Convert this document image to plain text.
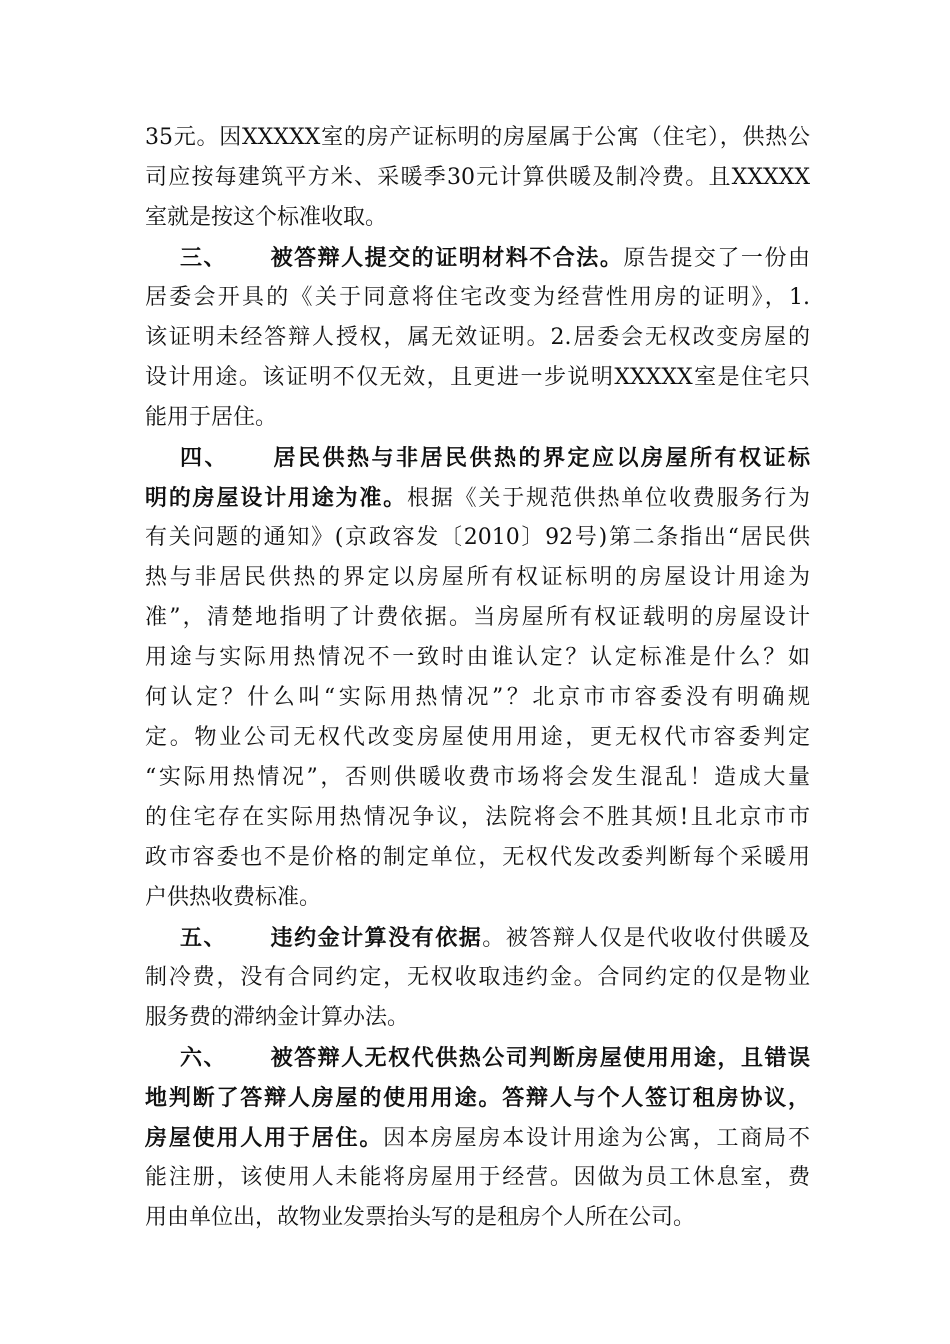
35元。因XXXXX室的房产证标明的房屋属于公寓（住宅），供热公

司应按每建筑平方米、采暖季30元计算供暖及制冷费。且XXXXX

室就是按这个标准收取。

三、 被答辩人提交的证明材料不合法。原告提交了一份由

居委会开具的《关于同意将住宅改变为经营性用房的证明》，1.

该证明未经答辩人授权，属无效证明。2.居委会无权改变房屋的

设计用途。该证明不仅无效，且更进一步说明XXXXX室是住宅只

能用于居住。

四、 居民供热与非居民供热的界定应以房屋所有权证标

明的房屋设计用途为准。根据《关于规范供热单位收费服务行为

有关问题的通知》(京政容发〔2010〕92号)第二条指出“居民供

热与非居民供热的界定以房屋所有权证标明的房屋设计用途为

准”，清楚地指明了计费依据。当房屋所有权证载明的房屋设计

用途与实际用热情况不一致时由谁认定？认定标准是什么？如

何认定？什么叫“实际用热情况”？北京市市容委没有明确规

定。物业公司无权代改变房屋使用用途，更无权代市容委判定

“实际用热情况”，否则供暖收费市场将会发生混乱！造成大量

的住宅存在实际用热情况争议，法院将会不胜其烦!且北京市市

政市容委也不是价格的制定单位，无权代发改委判断每个采暖用

户供热收费标准。

五、 违约金计算没有依据。被答辩人仅是代收收付供暖及

制冷费，没有合同约定，无权收取违约金。合同约定的仅是物业

服务费的滞纳金计算办法。

六、 被答辩人无权代供热公司判断房屋使用用途，且错误

地判断了答辩人房屋的使用用途。答辩人与个人签订租房协议，

房屋使用人用于居住。因本房屋房本设计用途为公寓，工商局不

能注册，该使用人未能将房屋用于经营。因做为员工休息室，费

用由单位出，故物业发票抬头写的是租房个人所在公司。
